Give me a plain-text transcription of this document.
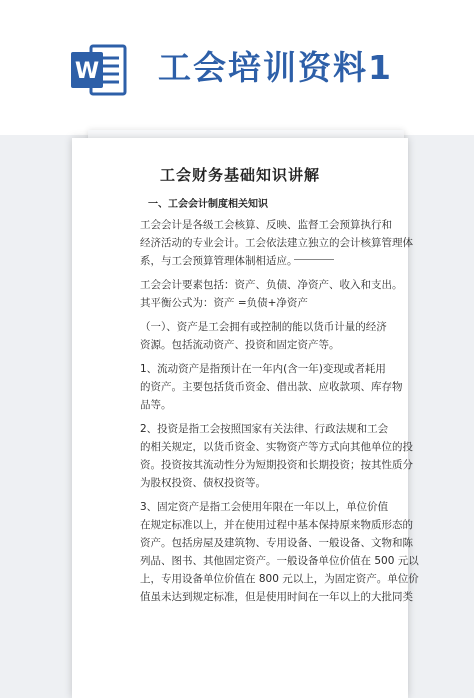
W 工会培训资料1
工会财务基础知识讲解
一、工会会计制度相关知识

工会会计是各级工会核算、反映、监督工会预算执行和
经济活动的专业会计。工会依法建立独立的会计核算管理体
系，与工会预算管理体制相适应。

工会会计要素包括：资产、负债、净资产、收入和支出。
其平衡公式为：资产 =负债+净资产

（一）、资产是工会拥有或控制的能以货币计量的经济
资源。包括流动资产、投资和固定资产等。

1、流动资产是指预计在一年内(含一年)变现或者耗用
的资产。主要包括货币资金、借出款、应收款项、库存物
品等。

2、投资是指工会按照国家有关法律、行政法规和工会
的相关规定，以货币资金、实物资产等方式向其他单位的投
资。投资按其流动性分为短期投资和长期投资；按其性质分
为股权投资、债权投资等。

3、固定资产是指工会使用年限在一年以上，单位价值
在规定标准以上，并在使用过程中基本保持原来物质形态的
资产。包括房屋及建筑物、专用设备、一般设备、文物和陈
列品、图书、其他固定资产。一般设备单位价值在 500 元以
上，专用设备单位价值在 800 元以上，为固定资产。单位价
值虽未达到规定标准，但是使用时间在一年以上的大批同类
